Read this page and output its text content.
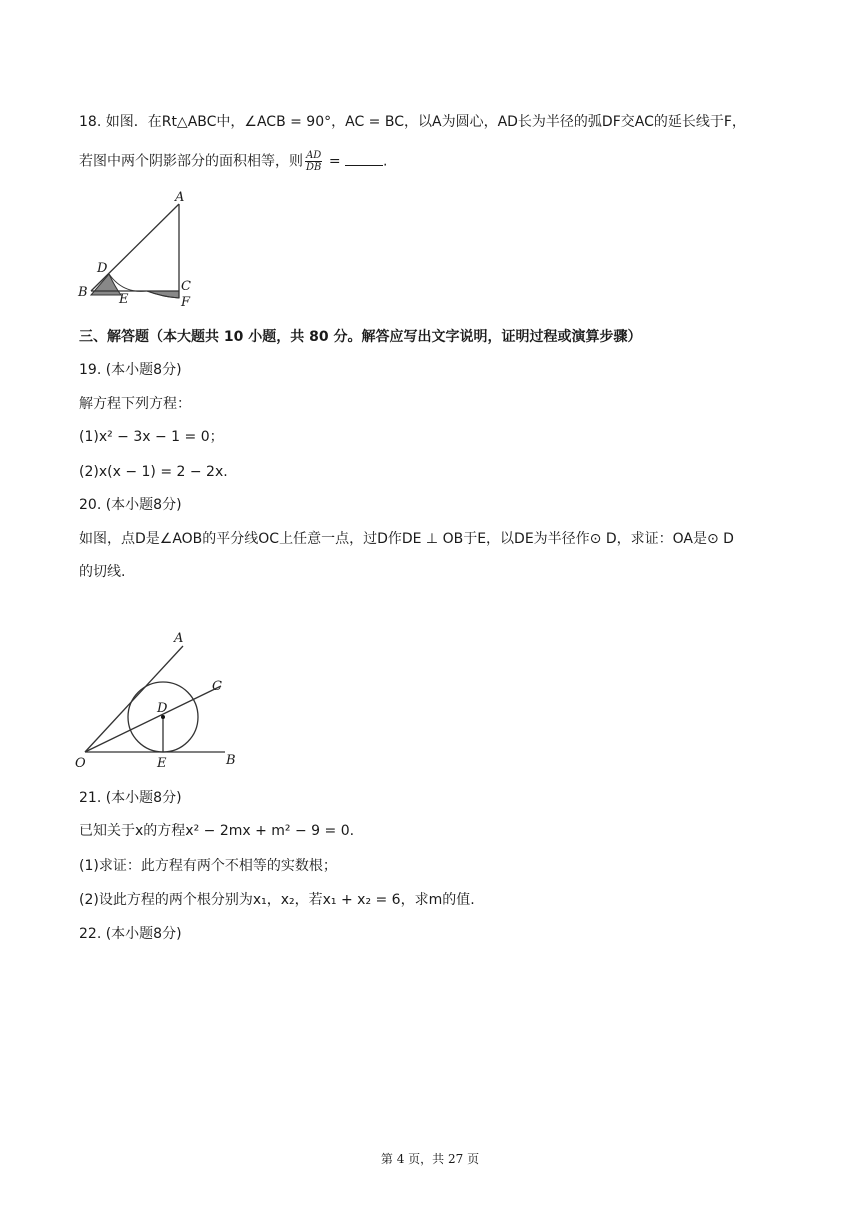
18. 如图．在Rt△ABC中，∠ACB = 90°，AC = BC，以A为圆心，AD长为半径的弧DF交AC的延长线于F，
若图中两个阴影部分的面积相等，则 $\frac{AD}{DB}$ =	.
A
B	C
D
E	F
三、解答题（本大题共 10 小题，共 80 分。解答应写出文字说明，证明过程或演算步骤）
19. (本小题8分)
解方程下列方程：
(1)x² − 3x − 1 = 0；
(2)x(x − 1) = 2 − 2x.
20. (本小题8分)
如图，点D是∠AOB的平分线OC上任意一点，过D作DE ⊥ OB于E，以DE为半径作⊙ D，求证：OA是⊙ D
的切线.
A
C
D
O	E	B
21. (本小题8分)
已知关于x的方程x² − 2mx + m² − 9 = 0.
(1)求证：此方程有两个不相等的实数根；
(2)设此方程的两个根分别为x₁，x₂，若x₁ + x₂ = 6，求m的值.
22. (本小题8分)
第 4 页，共 27 页
